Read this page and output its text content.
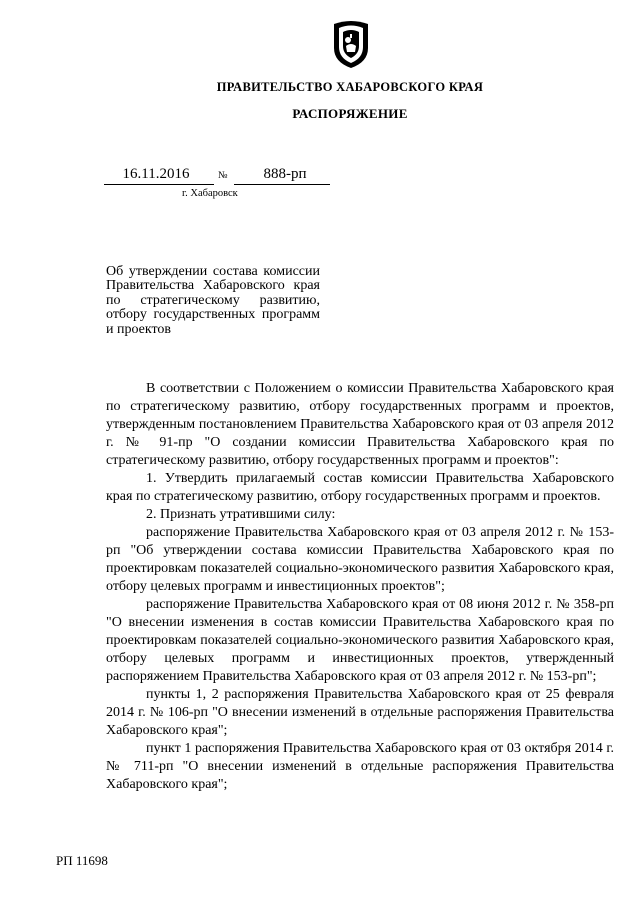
ПРАВИТЕЛЬСТВО ХАБАРОВСКОГО КРАЯ
РАСПОРЯЖЕНИЕ
16.11.2016	№	888-рп
г. Хабаровск
Об утверждении состава комиссии Правительства Хабаровского края по стратегическому развитию, отбору государственных программ и проектов

В соответствии с Положением о комиссии Правительства Хабаровского края по стратегическому развитию, отбору государственных программ и проектов, утвержденным постановлением Правительства Хабаровского края от 03 апреля 2012 г. № 91-пр "О создании комиссии Правительства Хабаровского края по стратегическому развитию, отбору государственных программ и проектов":

1. Утвердить прилагаемый состав комиссии Правительства Хабаровского края по стратегическому развитию, отбору государственных программ и проектов.

2. Признать утратившими силу:

распоряжение Правительства Хабаровского края от 03 апреля 2012 г. № 153-рп "Об утверждении состава комиссии Правительства Хабаровского края по проектировкам показателей социально-экономического развития Хабаровского края, отбору целевых программ и инвестиционных проектов";

распоряжение Правительства Хабаровского края от 08 июня 2012 г. № 358-рп "О внесении изменения в состав комиссии Правительства Хабаровского края по проектировкам показателей социально-экономического развития Хабаровского края, отбору целевых программ и инвестиционных проектов, утвержденный распоряжением Правительства Хабаровского края от 03 апреля 2012 г. № 153-рп";

пункты 1, 2 распоряжения Правительства Хабаровского края от 25 февраля 2014 г. № 106-рп "О внесении изменений в отдельные распоряжения Правительства Хабаровского края";

пункт 1 распоряжения Правительства Хабаровского края от 03 октября 2014 г. № 711-рп "О внесении изменений в отдельные распоряжения Правительства Хабаровского края";

РП 11698
